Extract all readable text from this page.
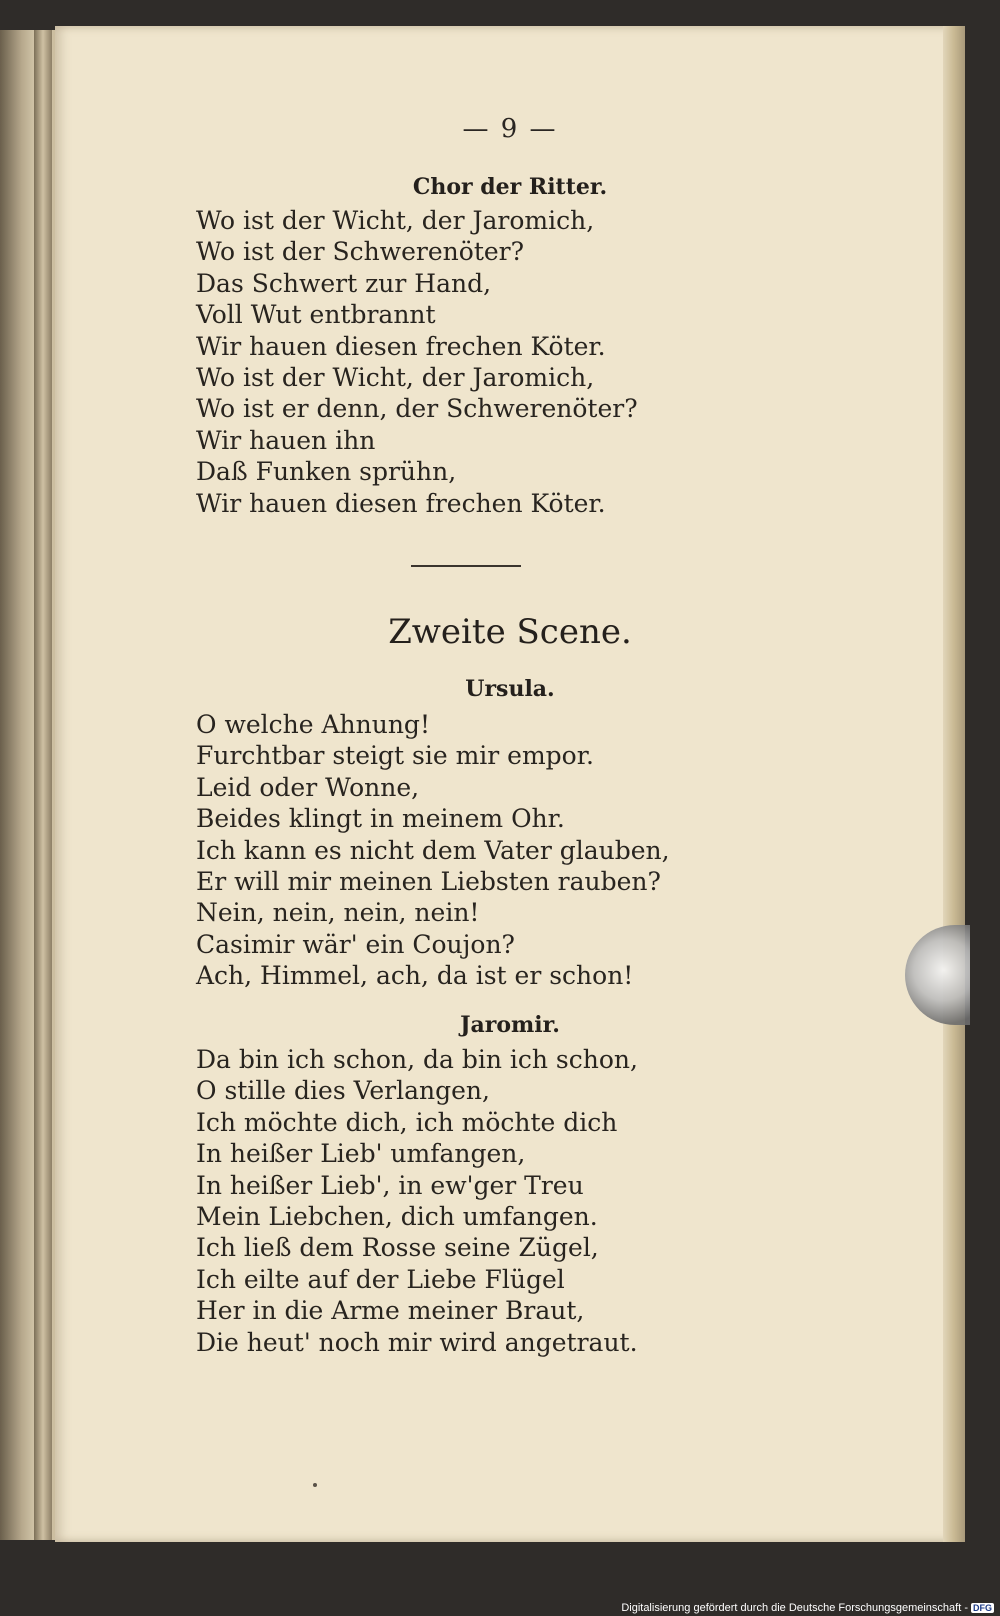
— 9 —
Chor der Ritter.
Wo ist der Wicht, der Jaromich,
Wo ist der Schwerenöter?
Das Schwert zur Hand,
Voll Wut entbrannt
Wir hauen diesen frechen Köter.
Wo ist der Wicht, der Jaromich,
Wo ist er denn, der Schwerenöter?
Wir hauen ihn
Daß Funken sprühn,
Wir hauen diesen frechen Köter.
Zweite Scene.
Ursula.
O welche Ahnung!
Furchtbar steigt sie mir empor.
Leid oder Wonne,
Beides klingt in meinem Ohr.
Ich kann es nicht dem Vater glauben,
Er will mir meinen Liebsten rauben?
Nein, nein, nein, nein!
Casimir wär' ein Coujon?
Ach, Himmel, ach, da ist er schon!
Jaromir.
Da bin ich schon, da bin ich schon,
O stille dies Verlangen,
Ich möchte dich, ich möchte dich
In heißer Lieb' umfangen,
In heißer Lieb', in ew'ger Treu
Mein Liebchen, dich umfangen.
Ich ließ dem Rosse seine Zügel,
Ich eilte auf der Liebe Flügel
Her in die Arme meiner Braut,
Die heut' noch mir wird angetraut.
Digitalisierung gefördert durch die Deutsche Forschungsgemeinschaft - DFG
